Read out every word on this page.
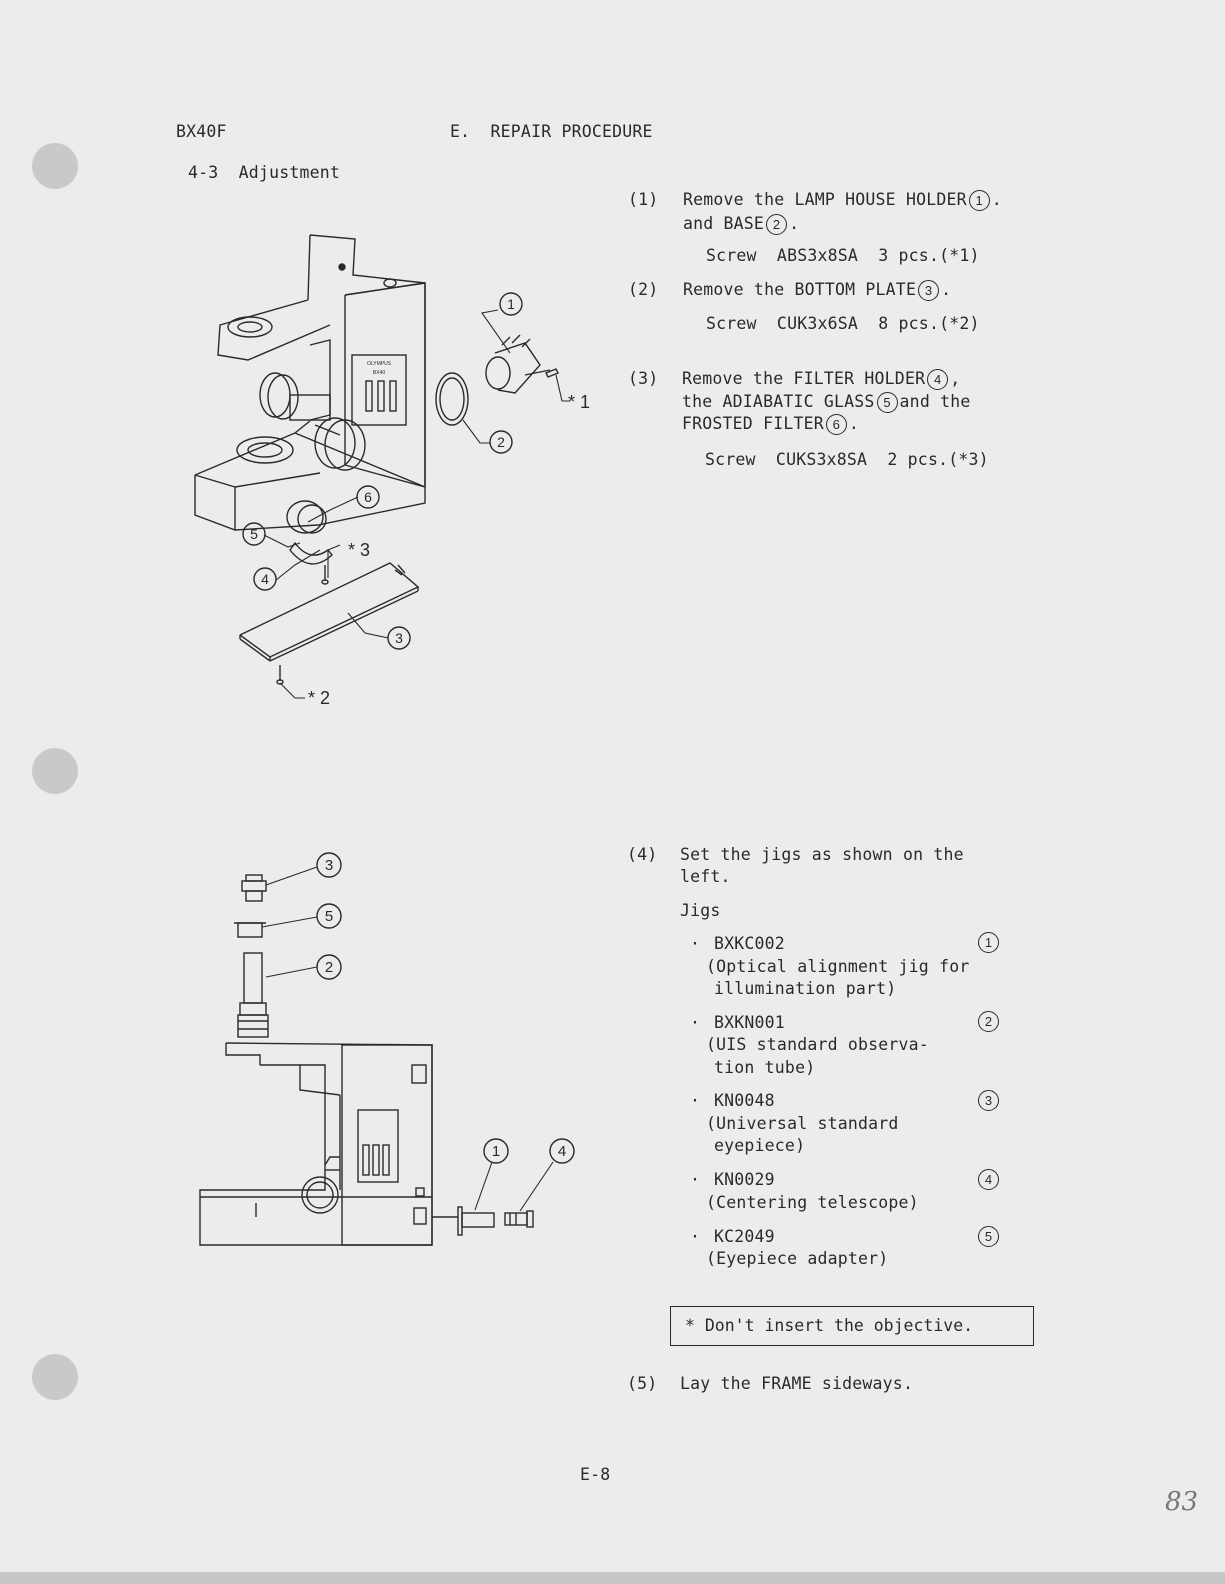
BX40F	E.  REPAIR PROCEDURE
4-3  Adjustment
(1) Remove the LAMP HOUSE HOLDER 1 .
and BASE 2 .
Screw  ABS3x8SA  3 pcs.(*1)
(2) Remove the BOTTOM PLATE 3 .
Screw  CUK3x6SA  8 pcs.(*2)
(3) Remove the FILTER HOLDER 4 ,
the ADIABATIC GLASS 5 and the
FROSTED FILTER 6 .
Screw  CUKS3x8SA  2 pcs.(*3)
(4) Set the jigs as shown on the
left.
Jigs
· BXKC002	1
(Optical alignment jig for
illumination part)
· BXKN001	2
(UIS standard observa-
tion tube)
· KN0048	3
(Universal standard
eyepiece)
· KN0029	4
(Centering telescope)
· KC2049	5
(Eyepiece adapter)
* Don't insert the objective.
(5) Lay the FRAME sideways.
E-8
83
1
2
3
4
5
6
* 1
* 2
* 3
OLYMPUS
BX40
3
5
2
1	4
